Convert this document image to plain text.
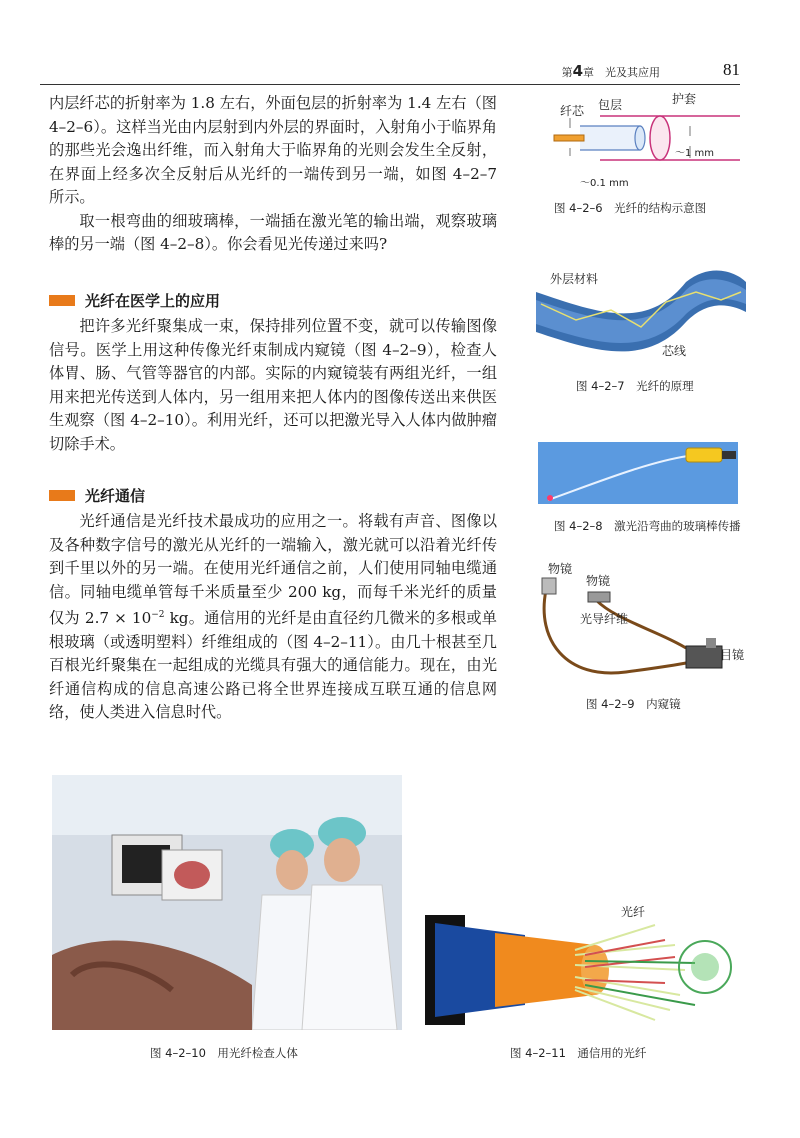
第4章　光及其应用	81

内层纤芯的折射率为 1.8 左右，外面包层的折射率为 1.4 左右（图 4–2–6）。这样当光由内层射到内外层的界面时，入射角小于临界角的那些光会逸出纤维，而入射角大于临界角的光则会发生全反射，在界面上经多次全反射后从光纤的一端传到另一端，如图 4–2–7 所示。

取一根弯曲的细玻璃棒，一端插在激光笔的输出端，观察玻璃棒的另一端（图 4–2–8）。你会看见光传递过来吗?

光纤在医学上的应用

把许多光纤聚集成一束，保持排列位置不变，就可以传输图像信号。医学上用这种传像光纤束制成内窥镜（图 4–2–9），检查人体胃、肠、气管等器官的内部。实际的内窥镜装有两组光纤，一组用来把光传送到人体内，另一组用来把人体内的图像传送出来供医生观察（图 4–2–10）。利用光纤，还可以把激光导入人体内做肿瘤切除手术。

光纤通信

光纤通信是光纤技术最成功的应用之一。将载有声音、图像以及各种数字信号的激光从光纤的一端输入，激光就可以沿着光纤传到千里以外的另一端。在使用光纤通信之前，人们使用同轴电缆通信。同轴电缆单管每千米质量至少 200 kg，而每千米光纤的质量仅为 $2.7 \times 10^{-2}$ kg。通信用的光纤是由直径约几微米的多根或单根玻璃（或透明塑料）纤维组成的（图 4–2–11）。由几十根甚至几百根光纤聚集在一起组成的光缆具有强大的通信能力。现在，由光纤通信构成的信息高速公路已将全世界连接成互联互通的信息网络，使人类进入信息时代。

纤芯 包层	护套
～1 mm
～0.1 mm
图 4–2–6　光纤的结构示意图
外层材料
芯线
图 4–2–7　光纤的原理
图 4–2–8　激光沿弯曲的玻璃棒传播
物镜
物镜
光导纤维
目镜
图 4–2–9　内窥镜
图 4–2–10　用光纤检查人体
光纤
图 4–2–11　通信用的光纤
